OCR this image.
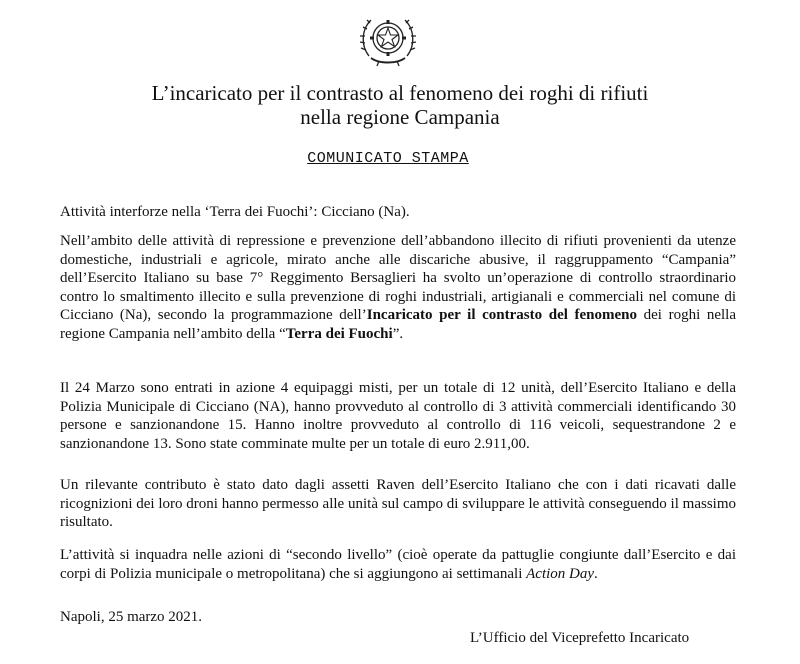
L’incaricato per il contrasto al fenomeno dei roghi di rifiuti
nella regione Campania
COMUNICATO STAMPA
Attività interforze nella ‘Terra dei Fuochi’: Cicciano (Na).
Nell’ambito delle attività di repressione e prevenzione dell’abbandono illecito di rifiuti provenienti da utenze domestiche, industriali e agricole, mirato anche alle discariche abusive, il raggruppamento “Campania” dell’Esercito Italiano su base 7° Reggimento Bersaglieri ha svolto un’operazione di controllo straordinario contro lo smaltimento illecito e sulla prevenzione di roghi industriali, artigianali e commerciali nel comune di Cicciano (Na), secondo la programmazione dell’Incaricato per il contrasto del fenomeno dei roghi nella regione Campania nell’ambito della “Terra dei Fuochi”.
Il 24 Marzo sono entrati in azione 4 equipaggi misti, per un totale di 12 unità, dell’Esercito Italiano e della Polizia Municipale di Cicciano (NA), hanno provveduto al controllo di 3 attività commerciali identificando 30 persone e sanzionandone 15. Hanno inoltre provveduto al controllo di 116 veicoli, sequestrandone 2 e sanzionandone 13. Sono state comminate multe per un totale di euro 2.911,00.
Un rilevante contributo è stato dato dagli assetti Raven dell’Esercito Italiano che con i dati ricavati dalle ricognizioni dei loro droni hanno permesso alle unità sul campo di sviluppare le attività conseguendo il massimo risultato.
L’attività si inquadra nelle azioni di “secondo livello” (cioè operate da pattuglie congiunte dall’Esercito e dai corpi di Polizia municipale o metropolitana) che si aggiungono ai settimanali Action Day.
Napoli, 25 marzo 2021.
L’Ufficio del Viceprefetto Incaricato
